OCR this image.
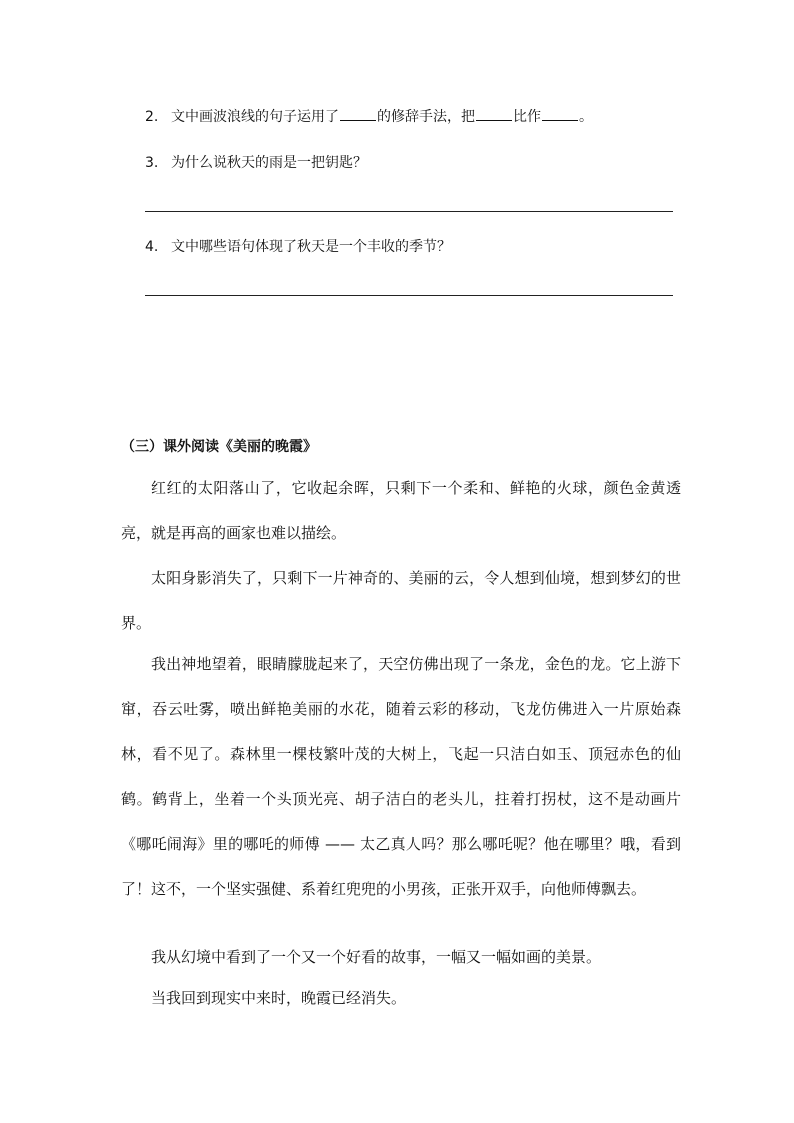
2. 文中画波浪线的句子运用了	的修辞手法，把	比作	。
3. 为什么说秋天的雨是一把钥匙？
4. 文中哪些语句体现了秋天是一个丰收的季节？
（三）课外阅读《美丽的晚霞》

红红的太阳落山了，它收起余晖，只剩下一个柔和、鲜艳的火球，颜色金黄透亮，就是再高的画家也难以描绘。

太阳身影消失了，只剩下一片神奇的、美丽的云，令人想到仙境，想到梦幻的世界。

我出神地望着，眼睛朦胧起来了，天空仿佛出现了一条龙，金色的龙。它上游下窜，吞云吐雾，喷出鲜艳美丽的水花，随着云彩的移动，飞龙仿佛进入一片原始森林，看不见了。森林里一棵枝繁叶茂的大树上，飞起一只洁白如玉、顶冠赤色的仙鹤。鹤背上，坐着一个头顶光亮、胡子洁白的老头儿，拄着打拐杖，这不是动画片《哪吒闹海》里的哪吒的师傅 —— 太乙真人吗？那么哪吒呢？他在哪里？哦，看到了！这不，一个坚实强健、系着红兜兜的小男孩，正张开双手，向他师傅飘去。

我从幻境中看到了一个又一个好看的故事，一幅又一幅如画的美景。

当我回到现实中来时，晚霞已经消失。
